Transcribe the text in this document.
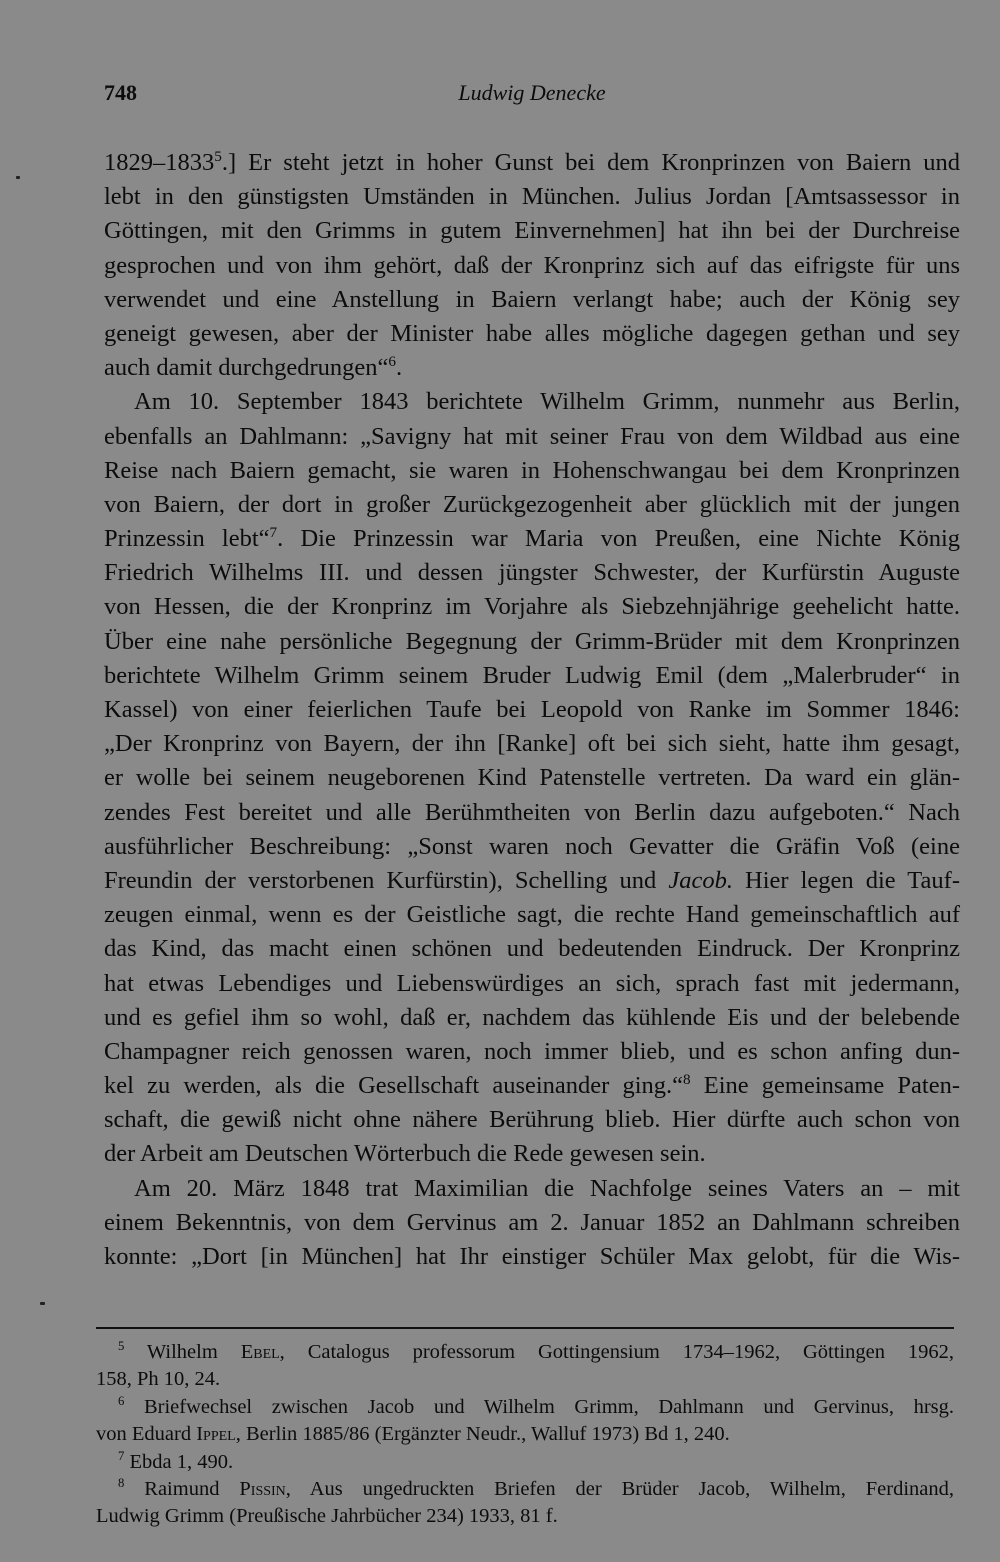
748	Ludwig Denecke
1829–1833$^5$.] Er steht jetzt in hoher Gunst bei dem Kronprinzen von Baiern und
lebt in den günstigsten Umständen in München. Julius Jordan [Amtsassessor in
Göttingen, mit den Grimms in gutem Einvernehmen] hat ihn bei der Durchreise
gesprochen und von ihm gehört, daß der Kronprinz sich auf das eifrigste für uns
verwendet und eine Anstellung in Baiern verlangt habe; auch der König sey
geneigt gewesen, aber der Minister habe alles mögliche dagegen gethan und sey
auch damit durchgedrungen“$^6$.
Am 10. September 1843 berichtete Wilhelm Grimm, nunmehr aus Berlin,
ebenfalls an Dahlmann: „Savigny hat mit seiner Frau von dem Wildbad aus eine
Reise nach Baiern gemacht, sie waren in Hohenschwangau bei dem Kronprinzen
von Baiern, der dort in großer Zurückgezogenheit aber glücklich mit der jungen
Prinzessin lebt“$^7$. Die Prinzessin war Maria von Preußen, eine Nichte König
Friedrich Wilhelms III. und dessen jüngster Schwester, der Kurfürstin Auguste
von Hessen, die der Kronprinz im Vorjahre als Siebzehnjährige geehelicht hatte.
Über eine nahe persönliche Begegnung der Grimm-Brüder mit dem Kronprinzen
berichtete Wilhelm Grimm seinem Bruder Ludwig Emil (dem „Malerbruder“ in
Kassel) von einer feierlichen Taufe bei Leopold von Ranke im Sommer 1846:
„Der Kronprinz von Bayern, der ihn [Ranke] oft bei sich sieht, hatte ihm gesagt,
er wolle bei seinem neugeborenen Kind Patenstelle vertreten. Da ward ein glän-
zendes Fest bereitet und alle Berühmtheiten von Berlin dazu aufgeboten.“ Nach
ausführlicher Beschreibung: „Sonst waren noch Gevatter die Gräfin Voß (eine
Freundin der verstorbenen Kurfürstin), Schelling und Jacob. Hier legen die Tauf-
zeugen einmal, wenn es der Geistliche sagt, die rechte Hand gemeinschaftlich auf
das Kind, das macht einen schönen und bedeutenden Eindruck. Der Kronprinz
hat etwas Lebendiges und Liebenswürdiges an sich, sprach fast mit jedermann,
und es gefiel ihm so wohl, daß er, nachdem das kühlende Eis und der belebende
Champagner reich genossen waren, noch immer blieb, und es schon anfing dun-
kel zu werden, als die Gesellschaft auseinander ging.“$^8$ Eine gemeinsame Paten-
schaft, die gewiß nicht ohne nähere Berührung blieb. Hier dürfte auch schon von
der Arbeit am Deutschen Wörterbuch die Rede gewesen sein.
Am 20. März 1848 trat Maximilian die Nachfolge seines Vaters an – mit
einem Bekenntnis, von dem Gervinus am 2. Januar 1852 an Dahlmann schreiben
konnte: „Dort [in München] hat Ihr einstiger Schüler Max gelobt, für die Wis-
$^5$ Wilhelm Ebel, Catalogus professorum Gottingensium 1734–1962, Göttingen 1962,
158, Ph 10, 24.
$^6$ Briefwechsel zwischen Jacob und Wilhelm Grimm, Dahlmann und Gervinus, hrsg.
von Eduard Ippel, Berlin 1885/86 (Ergänzter Neudr., Walluf 1973) Bd 1, 240.
$^7$ Ebda 1, 490.
$^8$ Raimund Pissin, Aus ungedruckten Briefen der Brüder Jacob, Wilhelm, Ferdinand,
Ludwig Grimm (Preußische Jahrbücher 234) 1933, 81 f.
